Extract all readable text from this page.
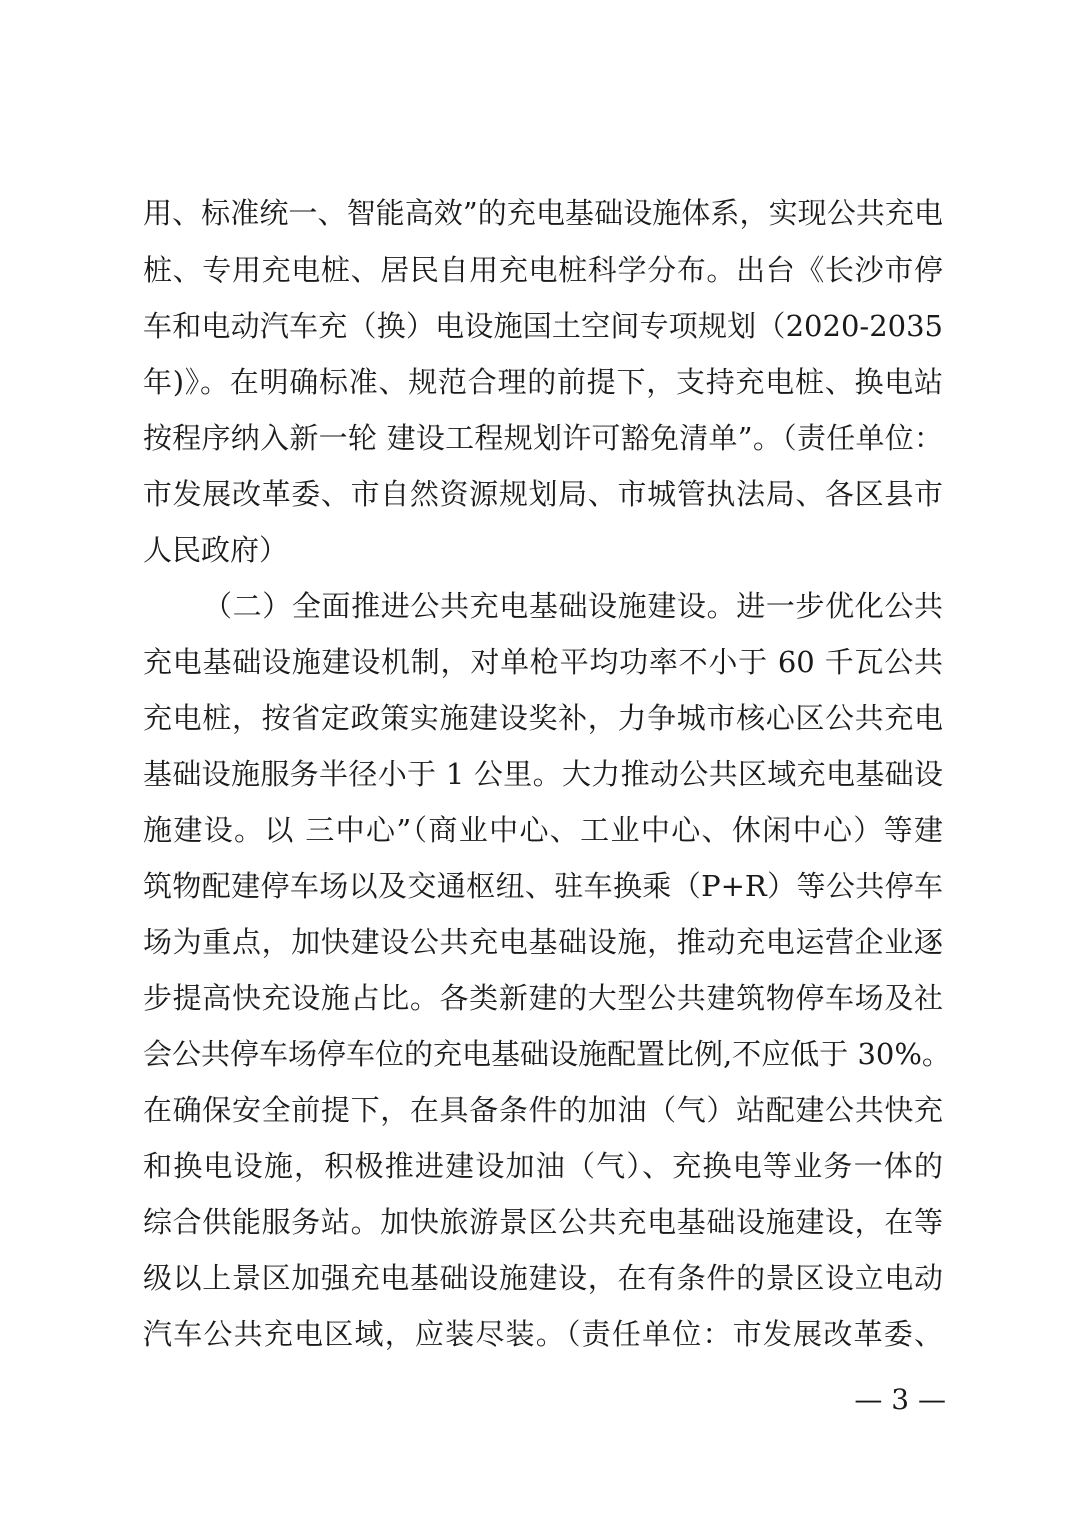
用、标准统一、智能高效”的充电基础设施体系，实现公共充电
桩、专用充电桩、居民自用充电桩科学分布。出台《长沙市停
车和电动汽车充（换）电设施国土空间专项规划（2020-2035
年)》。在明确标准、规范合理的前提下，支持充电桩、换电站
按程序纳入新一轮 建设工程规划许可豁免清单”。（责任单位：
市发展改革委、市自然资源规划局、市城管执法局、各区县市
人民政府）
（二）全面推进公共充电基础设施建设。进一步优化公共
充电基础设施建设机制，对单枪平均功率不小于 60 千瓦公共
充电桩，按省定政策实施建设奖补，力争城市核心区公共充电
基础设施服务半径小于 1 公里。大力推动公共区域充电基础设
施建设。以 三中心”（商业中心、工业中心、休闲中心）等建
筑物配建停车场以及交通枢纽、驻车换乘（P+R）等公共停车
场为重点，加快建设公共充电基础设施，推动充电运营企业逐
步提高快充设施占比。各类新建的大型公共建筑物停车场及社
会公共停车场停车位的充电基础设施配置比例,不应低于 30%。
在确保安全前提下，在具备条件的加油（气）站配建公共快充
和换电设施，积极推进建设加油（气）、充换电等业务一体的
综合供能服务站。加快旅游景区公共充电基础设施建设，在等
级以上景区加强充电基础设施建设，在有条件的景区设立电动
汽车公共充电区域，应装尽装。（责任单位：市发展改革委、
— 3 —
